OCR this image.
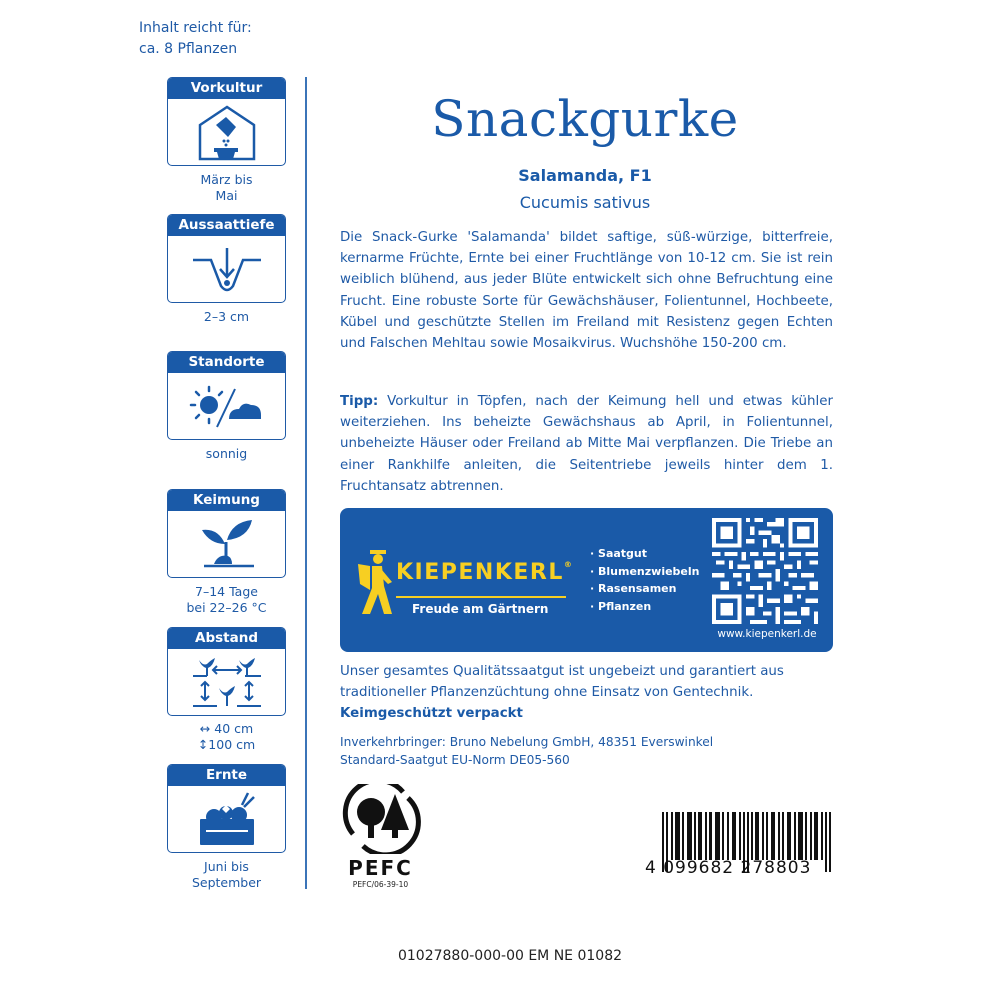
Inhalt reicht für:
ca. 8 Pflanzen
Vorkultur
März bis
Mai
Aussaattiefe
2–3 cm
Standorte
sonnig
Keimung
7–14 Tage
bei 22–26 °C
Abstand
↔ 40 cm
↕100 cm
Ernte
Juni bis
September
Snackgurke
Salamanda, F1
Cucumis sativus
Die Snack-Gurke 'Salamanda' bildet saftige, süß-würzige, bitterfreie, kernarme Früchte, Ernte bei einer Fruchtlänge von 10-12 cm. Sie ist rein weiblich blühend, aus jeder Blüte entwickelt sich ohne Befruchtung eine Frucht. Eine robuste Sorte für Gewächshäuser, Folientunnel, Hochbeete, Kübel und geschützte Stellen im Freiland mit Resistenz gegen Echten und Falschen Mehltau sowie Mosaikvirus. Wuchshöhe 150-200 cm.
Tipp: Vorkultur in Töpfen, nach der Keimung hell und etwas kühler weiterziehen. Ins beheizte Gewächshaus ab April, in Folientunnel, unbeheizte Häuser oder Freiland ab Mitte Mai verpflanzen. Die Triebe an einer Rankhilfe anleiten, die Seitentriebe jeweils hinter dem 1. Fruchtansatz abtrennen.
KIEPENKERL®
Freude am Gärtnern
· Saatgut
· Blumenzwiebeln
· Rasensamen
· Pflanzen
www.kiepenkerl.de
Unser gesamtes Qualitätssaatgut ist ungebeizt und garantiert aus traditioneller Pflanzenzüchtung ohne Einsatz von Gentechnik.
Keimgeschützt verpackt
Inverkehrbringer: Bruno Nebelung GmbH, 48351 Everswinkel
Standard-Saatgut EU-Norm DE05-560
PEFC
PEFC/06-39-10
4 099682 278803
01027880-000-00 EM NE 01082
